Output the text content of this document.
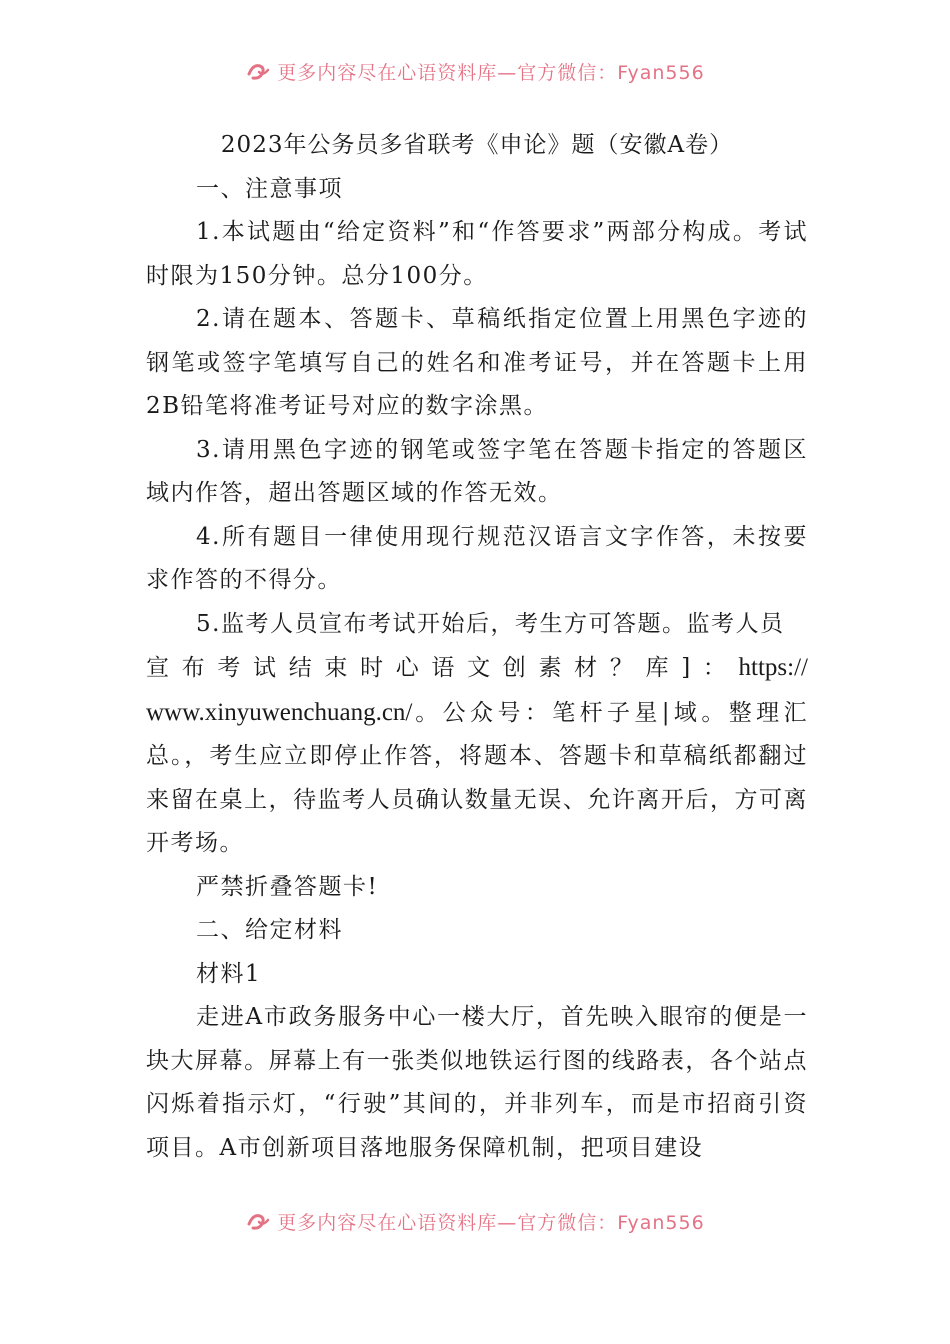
更多内容尽在心语资料库—官方微信：Fyan556

2023年公务员多省联考《申论》题（安徽A卷）

一、注意事项

1.本试题由“给定资料”和“作答要求”两部分构成。考试时限为150分钟。总分100分。

2.请在题本、答题卡、草稿纸指定位置上用黑色字迹的钢笔或签字笔填写自己的姓名和准考证号，并在答题卡上用2B铅笔将准考证号对应的数字涂黑。

3.请用黑色字迹的钢笔或签字笔在答题卡指定的答题区域内作答，超出答题区域的作答无效。

4.所有题目一律使用现行规范汉语言文字作答，未按要求作答的不得分。

5.监考人员宣布考试开始后，考生方可答题。监考人员

宣布考试结束时心语文创素材？库]：https://

www.xinyuwenchuang.cn/。公众号：笔杆子星|域。整理汇总。，考生应立即停止作答，将题本、答题卡和草稿纸都翻过来留在桌上，待监考人员确认数量无误、允许离开后，方可离开考场。

严禁折叠答题卡!

二、给定材料

材料1

走进A市政务服务中心一楼大厅，首先映入眼帘的便是一块大屏幕。屏幕上有一张类似地铁运行图的线路表，各个站点闪烁着指示灯，“行驶”其间的，并非列车，而是市招商引资项目。A市创新项目落地服务保障机制，把项目建设

更多内容尽在心语资料库—官方微信：Fyan556
